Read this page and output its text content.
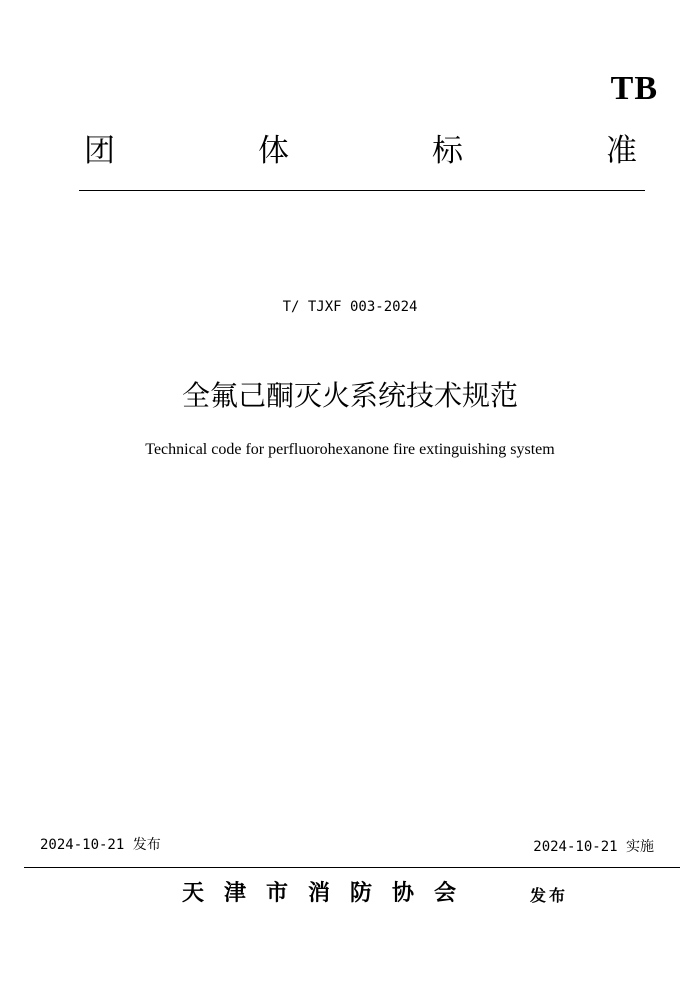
TB
团	体	标	准
T/ TJXF 003-2024
全氟己酮灭火系统技术规范
Technical code for perfluorohexanone fire extinguishing system
2024-10-21 发布	2024-10-21 实施
天津市消防协会	发布
